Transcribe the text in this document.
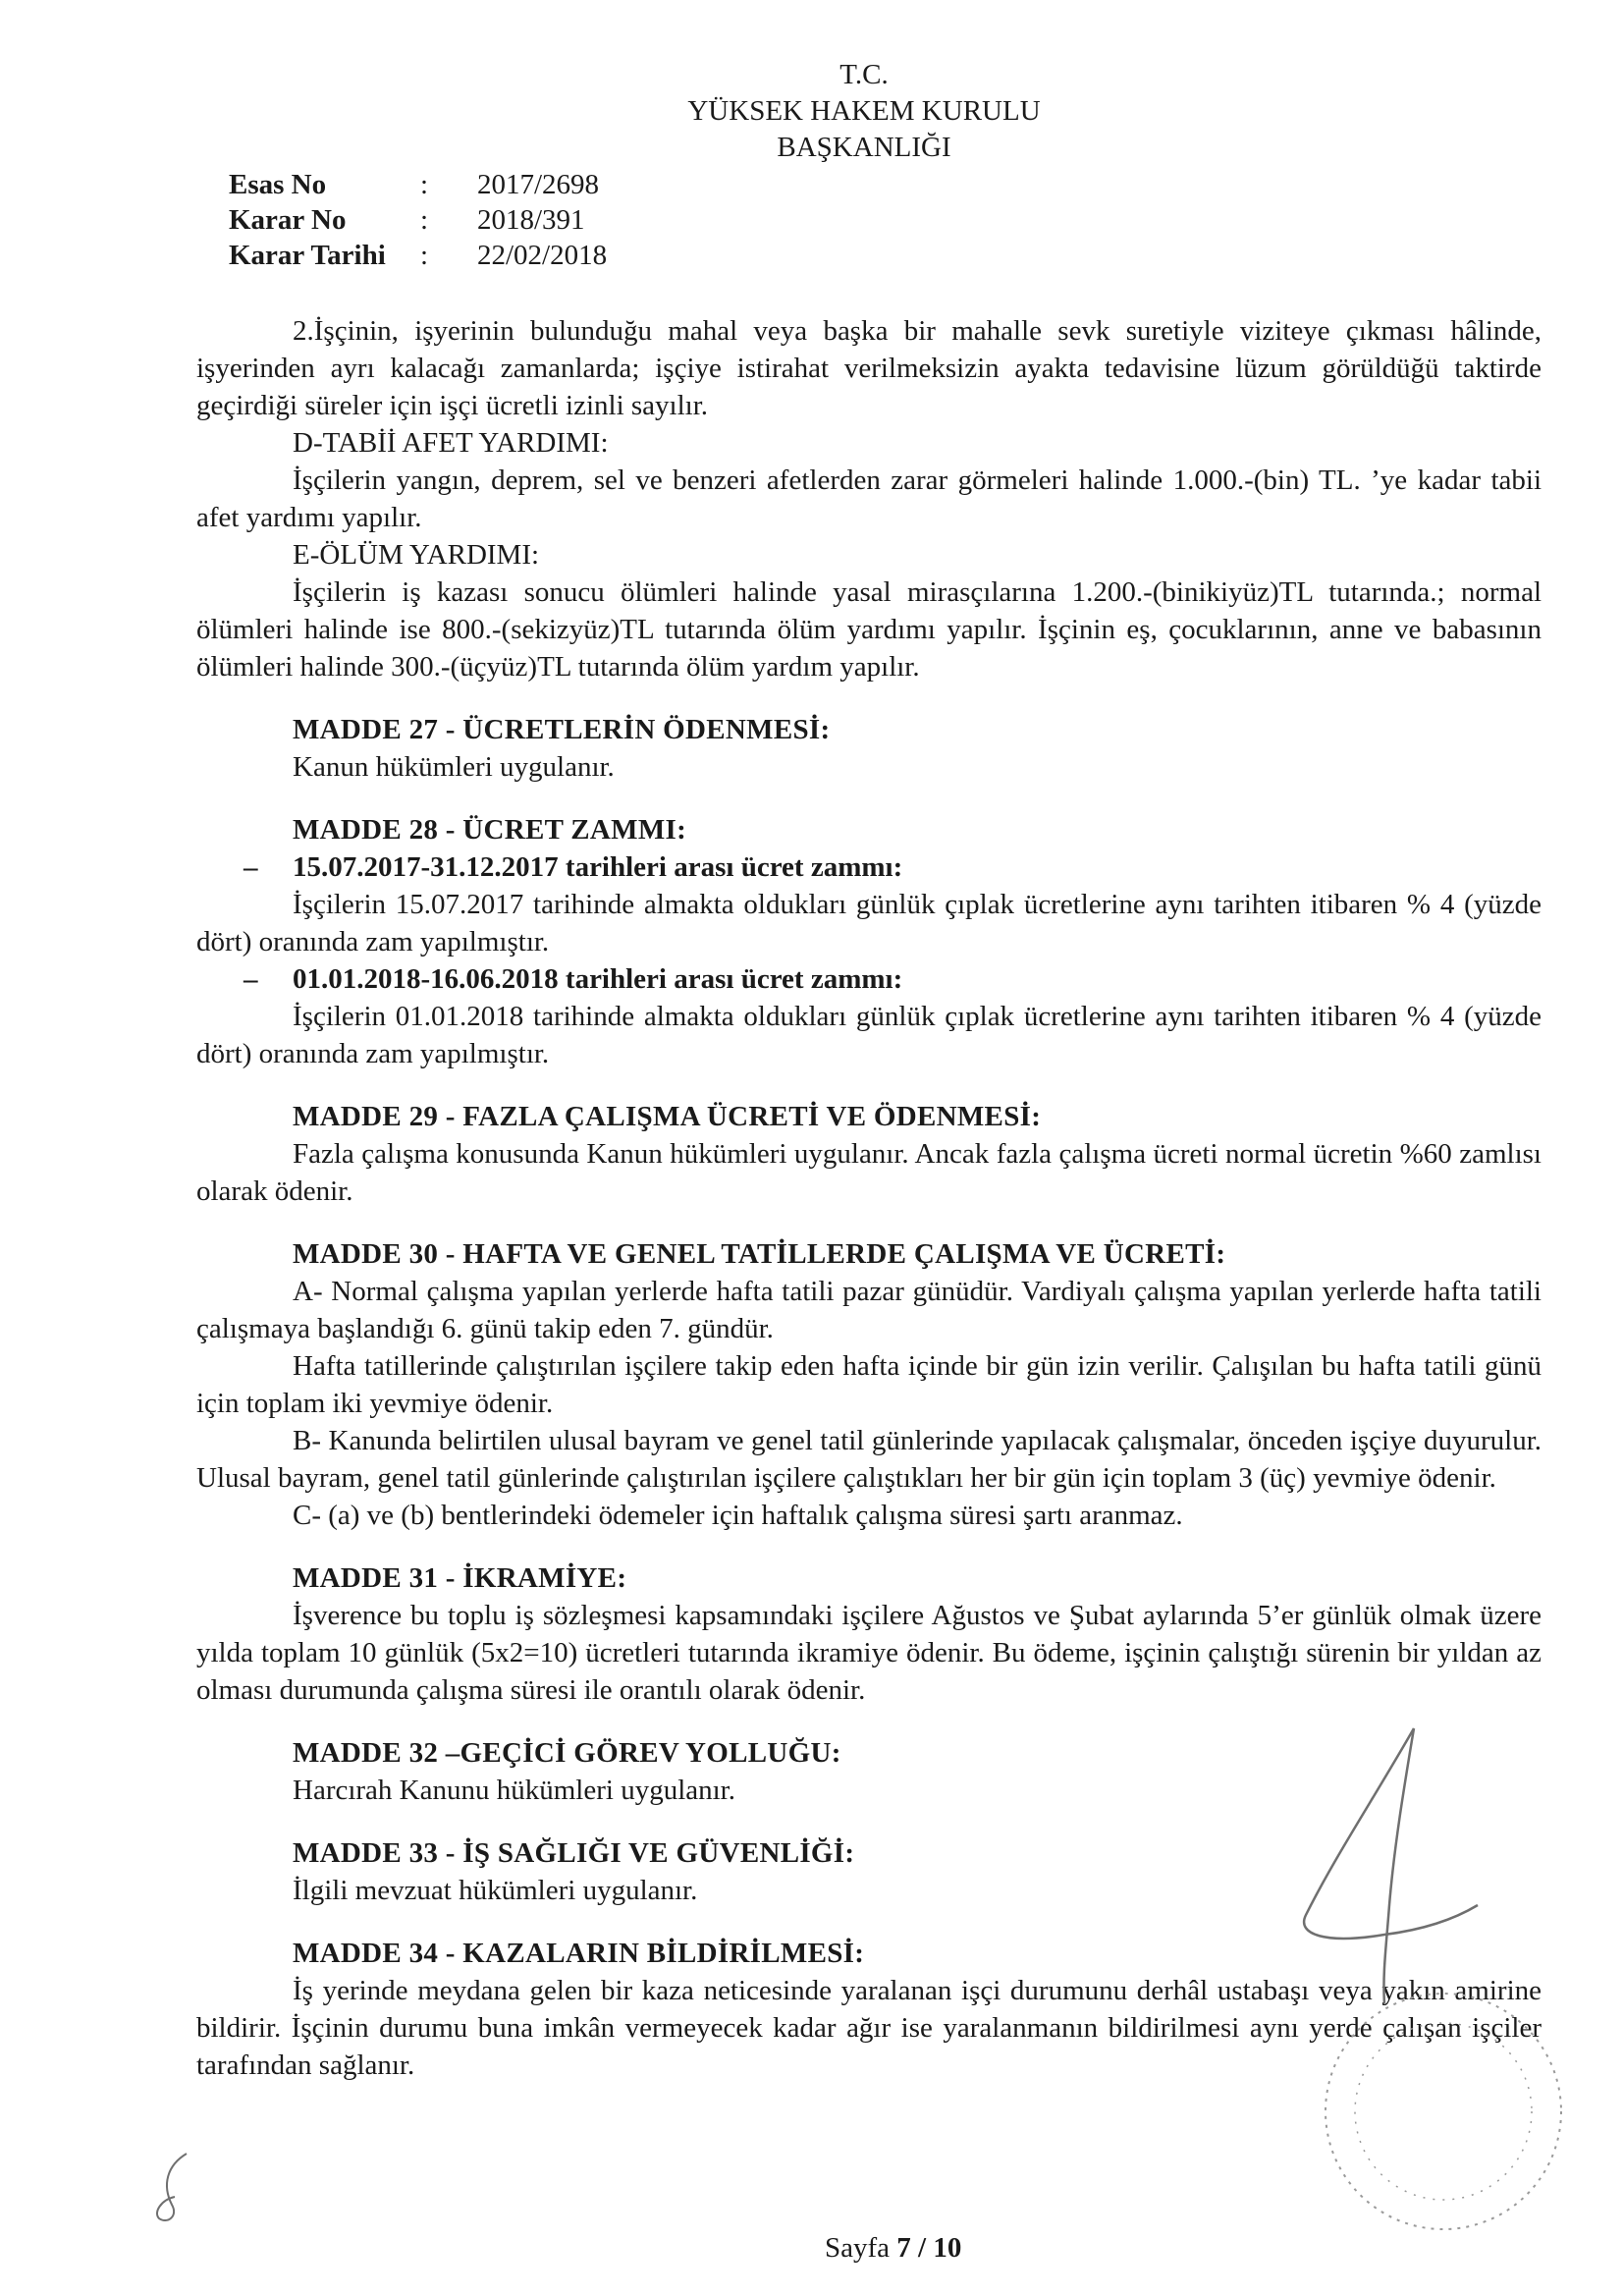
T.C.
YÜKSEK HAKEM KURULU
BAŞKANLIĞI
Esas No	:	2017/2698
Karar No	:	2018/391
Karar Tarihi	:	22/02/2018

2.İşçinin, işyerinin bulunduğu mahal veya başka bir mahalle sevk suretiyle viziteye çıkması hâlinde, işyerinden ayrı kalacağı zamanlarda; işçiye istirahat verilmeksizin ayakta tedavisine lüzum görüldüğü taktirde geçirdiği süreler için işçi ücretli izinli sayılır.

D-TABİİ AFET YARDIMI:

İşçilerin yangın, deprem, sel ve benzeri afetlerden zarar görmeleri halinde 1.000.-(bin) TL. ’ye kadar tabii afet yardımı yapılır.

E-ÖLÜM YARDIMI:

İşçilerin iş kazası sonucu ölümleri halinde yasal mirasçılarına 1.200.-(binikiyüz)TL tutarında.; normal ölümleri halinde ise 800.-(sekizyüz)TL tutarında ölüm yardımı yapılır. İşçinin eş, çocuklarının, anne ve babasının ölümleri halinde 300.-(üçyüz)TL tutarında ölüm yardım yapılır.

MADDE 27 - ÜCRETLERİN ÖDENMESİ:

Kanun hükümleri uygulanır.

MADDE 28 - ÜCRET ZAMMI:

–	15.07.2017-31.12.2017 tarihleri arası ücret zammı:

İşçilerin 15.07.2017 tarihinde almakta oldukları günlük çıplak ücretlerine aynı tarihten itibaren % 4 (yüzde dört) oranında zam yapılmıştır.

–	01.01.2018-16.06.2018 tarihleri arası ücret zammı:

İşçilerin 01.01.2018 tarihinde almakta oldukları günlük çıplak ücretlerine aynı tarihten itibaren % 4 (yüzde dört) oranında zam yapılmıştır.

MADDE 29 - FAZLA ÇALIŞMA ÜCRETİ VE ÖDENMESİ:

Fazla çalışma konusunda Kanun hükümleri uygulanır. Ancak fazla çalışma ücreti normal ücretin %60 zamlısı olarak ödenir.

MADDE 30 - HAFTA VE GENEL TATİLLERDE ÇALIŞMA VE ÜCRETİ:

A- Normal çalışma yapılan yerlerde hafta tatili pazar günüdür. Vardiyalı çalışma yapılan yerlerde hafta tatili çalışmaya başlandığı 6. günü takip eden 7. gündür.

Hafta tatillerinde çalıştırılan işçilere takip eden hafta içinde bir gün izin verilir. Çalışılan bu hafta tatili günü için toplam iki yevmiye ödenir.

B- Kanunda belirtilen ulusal bayram ve genel tatil günlerinde yapılacak çalışmalar, önceden işçiye duyurulur. Ulusal bayram, genel tatil günlerinde çalıştırılan işçilere çalıştıkları her bir gün için toplam 3 (üç) yevmiye ödenir.

C- (a) ve (b) bentlerindeki ödemeler için haftalık çalışma süresi şartı aranmaz.

MADDE 31 - İKRAMİYE:

İşverence bu toplu iş sözleşmesi kapsamındaki işçilere Ağustos ve Şubat aylarında 5’er günlük olmak üzere yılda toplam 10 günlük (5x2=10) ücretleri tutarında ikramiye ödenir. Bu ödeme, işçinin çalıştığı sürenin bir yıldan az olması durumunda çalışma süresi ile orantılı olarak ödenir.

MADDE 32 –GEÇİCİ GÖREV YOLLUĞU:

Harcırah Kanunu hükümleri uygulanır.

MADDE 33 - İŞ SAĞLIĞI VE GÜVENLİĞİ:

İlgili mevzuat hükümleri uygulanır.

MADDE 34 - KAZALARIN BİLDİRİLMESİ:

İş yerinde meydana gelen bir kaza neticesinde yaralanan işçi durumunu derhâl ustabaşı veya yakın amirine bildirir. İşçinin durumu buna imkân vermeyecek kadar ağır ise yaralanmanın bildirilmesi aynı yerde çalışan işçiler tarafından sağlanır.

Sayfa 7 / 10
